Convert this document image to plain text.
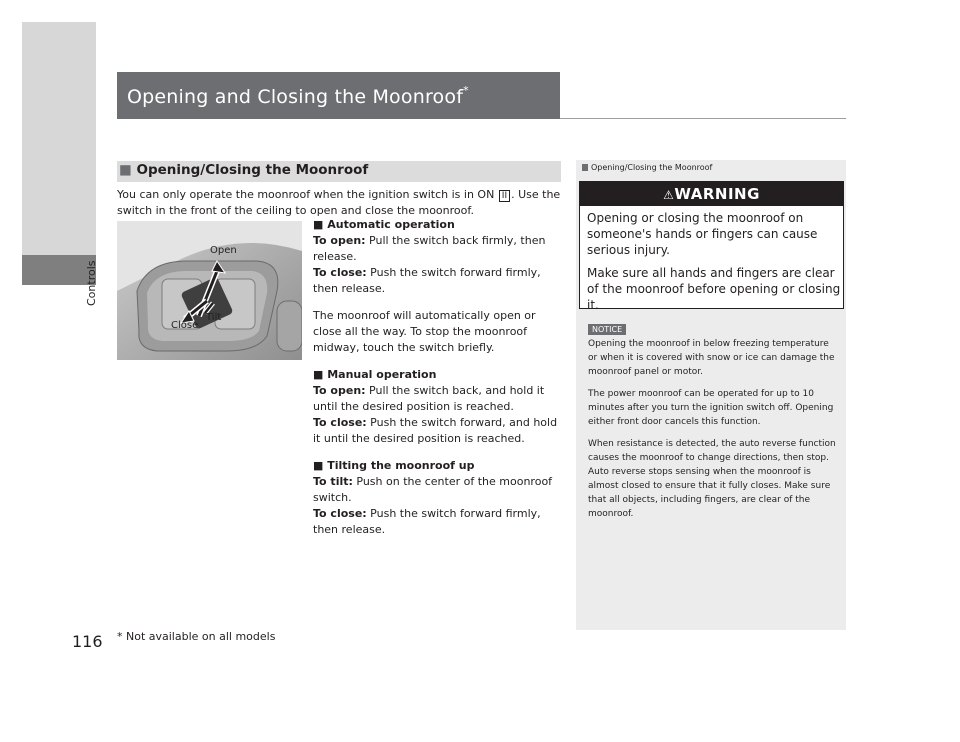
Controls
Opening and Closing the Moonroof*
■ Opening/Closing the Moonroof
You can only operate the moonroof when the ignition switch is in ON II . Use the switch in the front of the ceiling to open and close the moonroof.
Open
Tilt
Close

■ Automatic operation

To open: Pull the switch back firmly, then release.

To close: Push the switch forward firmly, then release.

The moonroof will automatically open or close all the way. To stop the moonroof midway, touch the switch briefly.

■ Manual operation

To open: Pull the switch back, and hold it until the desired position is reached.

To close: Push the switch forward, and hold it until the desired position is reached.

■ Tilting the moonroof up

To tilt: Push on the center of the moonroof switch.

To close: Push the switch forward firmly, then release.

Opening/Closing the Moonroof
⚠WARNING

Opening or closing the moonroof on someone's hands or fingers can cause serious injury.

Make sure all hands and fingers are clear of the moonroof before opening or closing it.

NOTICE

Opening the moonroof in below freezing temperature or when it is covered with snow or ice can damage the moonroof panel or motor.

The power moonroof can be operated for up to 10 minutes after you turn the ignition switch off. Opening either front door cancels this function.

When resistance is detected, the auto reverse function causes the moonroof to change directions, then stop. Auto reverse stops sensing when the moonroof is almost closed to ensure that it fully closes. Make sure that all objects, including fingers, are clear of the moonroof.

116 * Not available on all models
